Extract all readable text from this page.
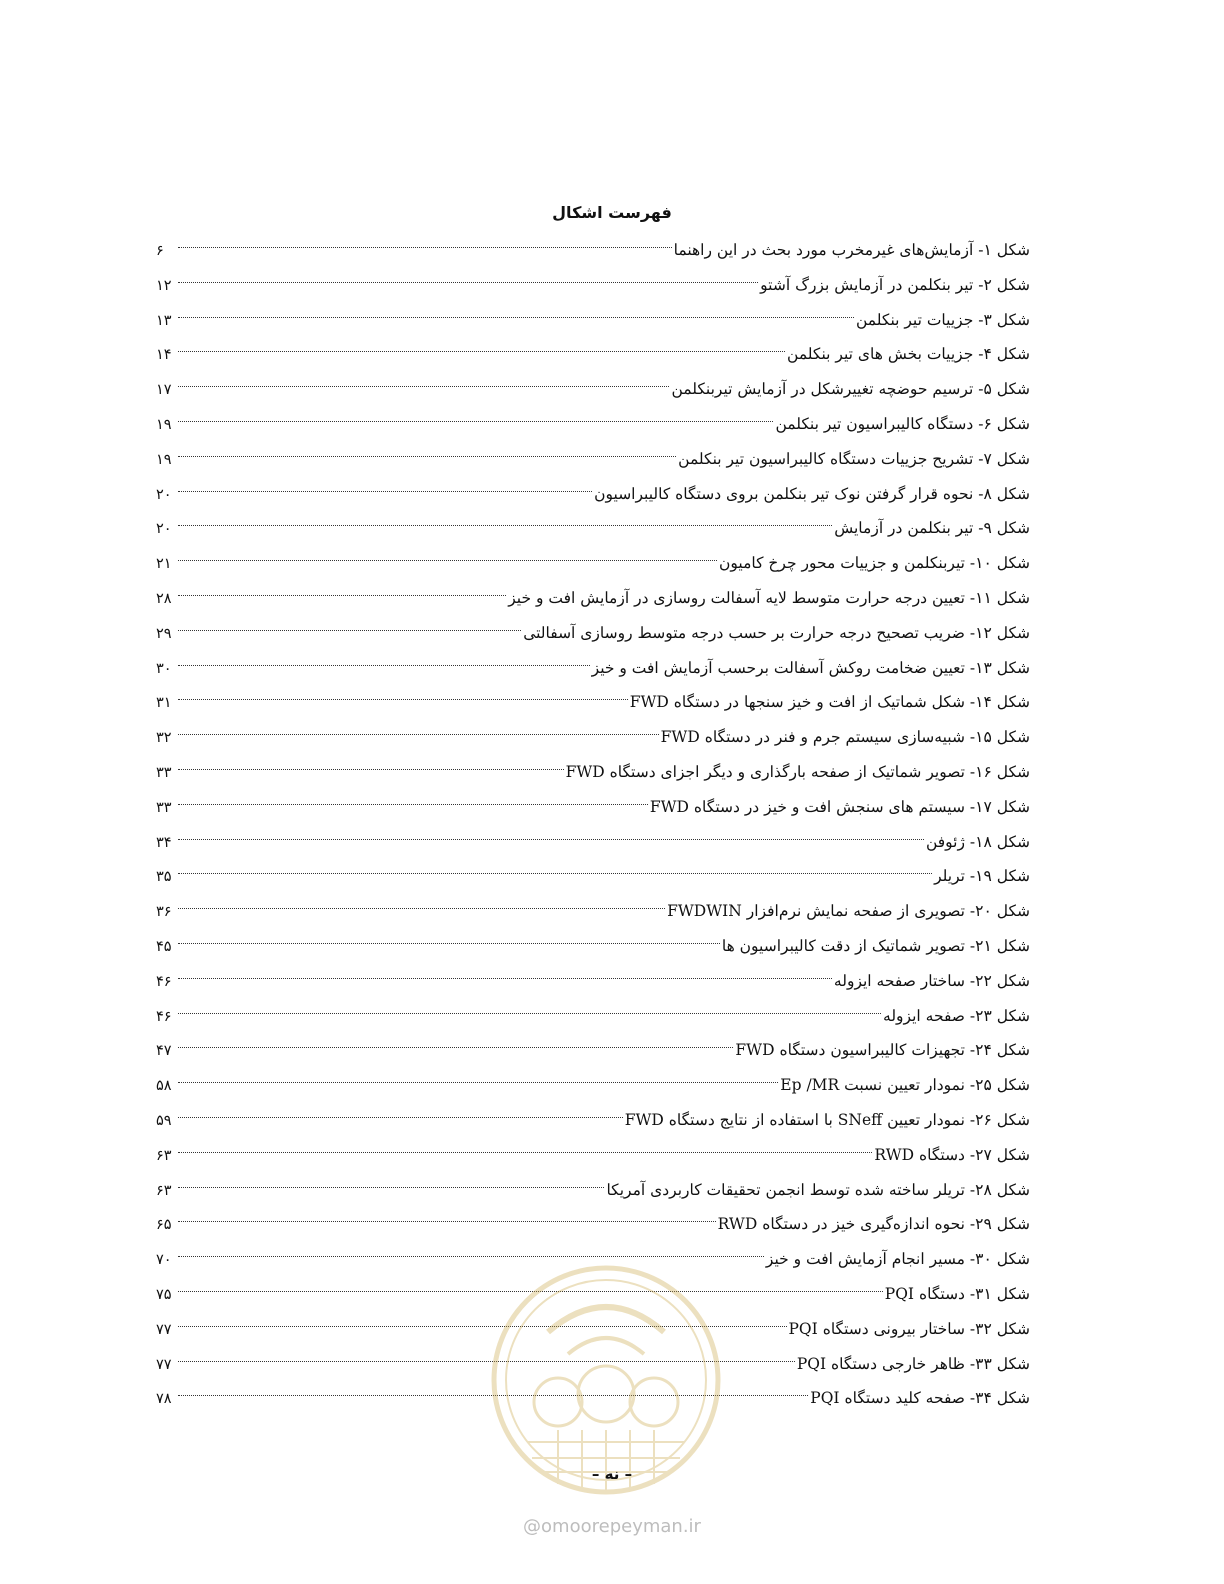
فهرست اشکال
شکل ۱- آزمایش‌های غیرمخرب مورد بحث در این راهنما
۶
شکل ۲- تیر بنکلمن در آزمایش بزرگ آشتو
۱۲
شکل ۳- جزییات تیر بنکلمن
۱۳
شکل ۴- جزییات بخش های تیر بنکلمن
۱۴
شکل ۵- ترسیم حوضچه تغییرشکل در آزمایش تیربنکلمن
۱۷
شکل ۶- دستگاه کالیبراسیون تیر بنکلمن
۱۹
شکل ۷- تشریح جزییات دستگاه کالیبراسیون تیر بنکلمن
۱۹
شکل ۸- نحوه قرار گرفتن نوک تیر بنکلمن بروی دستگاه کالیبراسیون
۲۰
شکل ۹- تیر بنکلمن در آزمایش
۲۰
شکل ۱۰- تیربنکلمن و جزییات محور چرخ کامیون
۲۱
شکل ۱۱- تعیین درجه حرارت متوسط لایه آسفالت روسازی در آزمایش افت و خیز
۲۸
شکل ۱۲- ضریب تصحیح درجه حرارت بر حسب درجه متوسط روسازی آسفالتی
۲۹
شکل ۱۳- تعیین ضخامت روکش آسفالت برحسب آزمایش افت و خیز
۳۰
شکل ۱۴- شکل شماتیک از افت و خیز سنجها در دستگاه FWD
۳۱
شکل ۱۵- شبیه‌سازی سیستم جرم و فنر در دستگاه FWD
۳۲
شکل ۱۶- تصویر شماتیک از صفحه بارگذاری و دیگر اجزای دستگاه FWD
۳۳
شکل ۱۷- سیستم های سنجش افت و خیز در دستگاه FWD
۳۳
شکل ۱۸- ژئوفن
۳۴
شکل ۱۹- تریلر
۳۵
شکل ۲۰- تصویری از صفحه نمایش نرم‌افزار FWDWIN
۳۶
شکل ۲۱- تصویر شماتیک از دقت کالیبراسیون ها
۴۵
شکل ۲۲- ساختار صفحه ایزوله
۴۶
شکل ۲۳- صفحه ایزوله
۴۶
شکل ۲۴- تجهیزات کالیبراسیون دستگاه FWD
۴۷
شکل ۲۵- نمودار تعیین نسبت Ep /MR
۵۸
شکل ۲۶- نمودار تعیین SNeff با استفاده از نتایج دستگاه FWD
۵۹
شکل ۲۷- دستگاه RWD
۶۳
شکل ۲۸- تریلر ساخته شده توسط انجمن تحقیقات کاربردی آمریکا
۶۳
شکل ۲۹- نحوه اندازه‌گیری خیز در دستگاه RWD
۶۵
شکل ۳۰- مسیر انجام آزمایش افت و خیز
۷۰
شکل ۳۱- دستگاه PQI
۷۵
شکل ۳۲- ساختار بیرونی دستگاه PQI
۷۷
شکل ۳۳- ظاهر خارجی دستگاه PQI
۷۷
شکل ۳۴- صفحه کلید دستگاه PQI
۷۸
– نه –
@omoorepeyman.ir
